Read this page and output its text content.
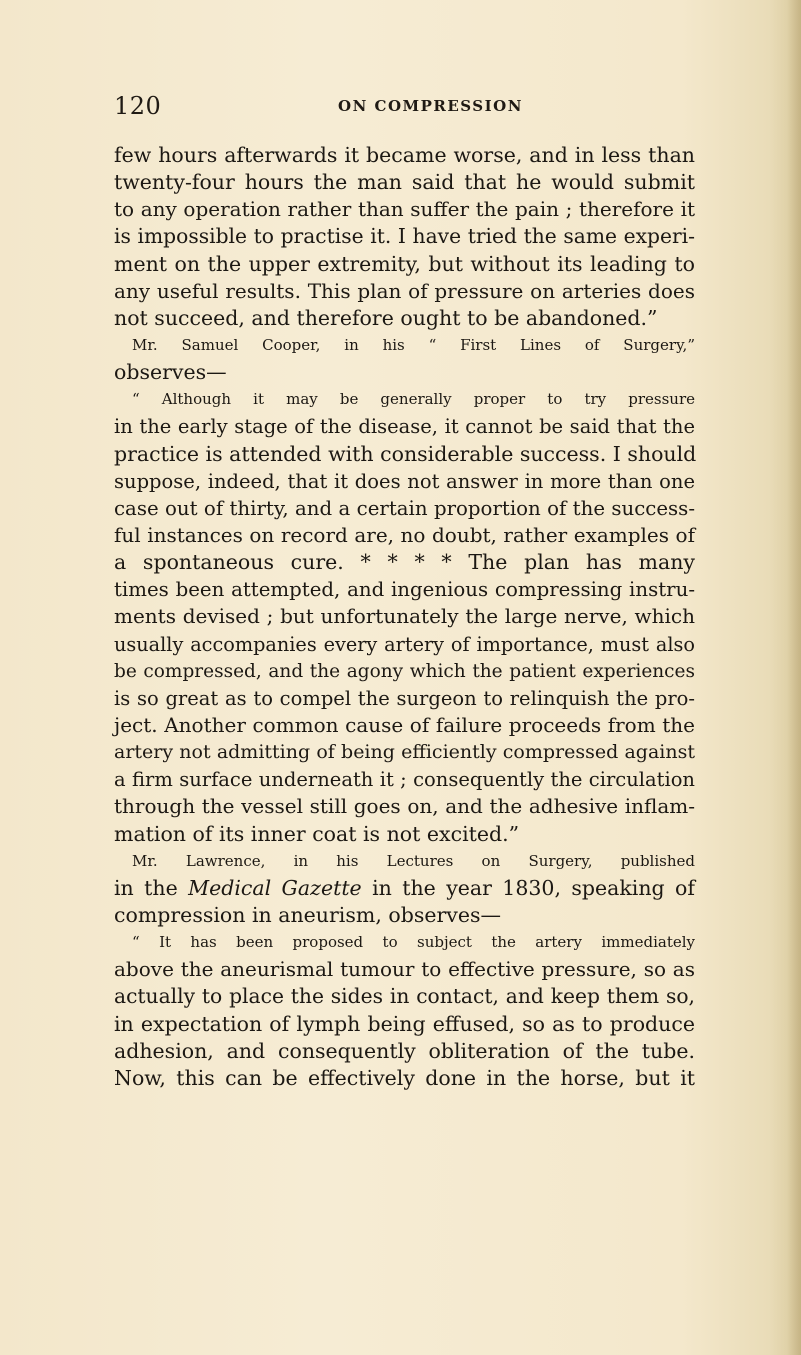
120	ON COMPRESSION
few hours afterwards it became worse, and in less than
twenty-four hours the man said that he would submit
to any operation rather than suffer the pain ; therefore it
is impossible to practise it. I have tried the same experi-
ment on the upper extremity, but without its leading to
any useful results. This plan of pressure on arteries does
not succeed, and therefore ought to be abandoned.”
Mr. Samuel Cooper, in his “ First Lines of Surgery,”
observes—
“ Although it may be generally proper to try pressure
in the early stage of the disease, it cannot be said that the
practice is attended with considerable success. I should
suppose, indeed, that it does not answer in more than one
case out of thirty, and a certain proportion of the success-
ful instances on record are, no doubt, rather examples of
a spontaneous cure. * * * * The plan has many
times been attempted, and ingenious compressing instru-
ments devised ; but unfortunately the large nerve, which
usually accompanies every artery of importance, must also
be compressed, and the agony which the patient experiences
is so great as to compel the surgeon to relinquish the pro-
ject. Another common cause of failure proceeds from the
artery not admitting of being efficiently compressed against
a firm surface underneath it ; consequently the circulation
through the vessel still goes on, and the adhesive inflam-
mation of its inner coat is not excited.”
Mr. Lawrence, in his Lectures on Surgery, published
in the Medical Gazette in the year 1830, speaking of
compression in aneurism, observes—
“ It has been proposed to subject the artery immediately
above the aneurismal tumour to effective pressure, so as
actually to place the sides in contact, and keep them so,
in expectation of lymph being effused, so as to produce
adhesion, and consequently obliteration of the tube.
Now, this can be effectively done in the horse, but it
